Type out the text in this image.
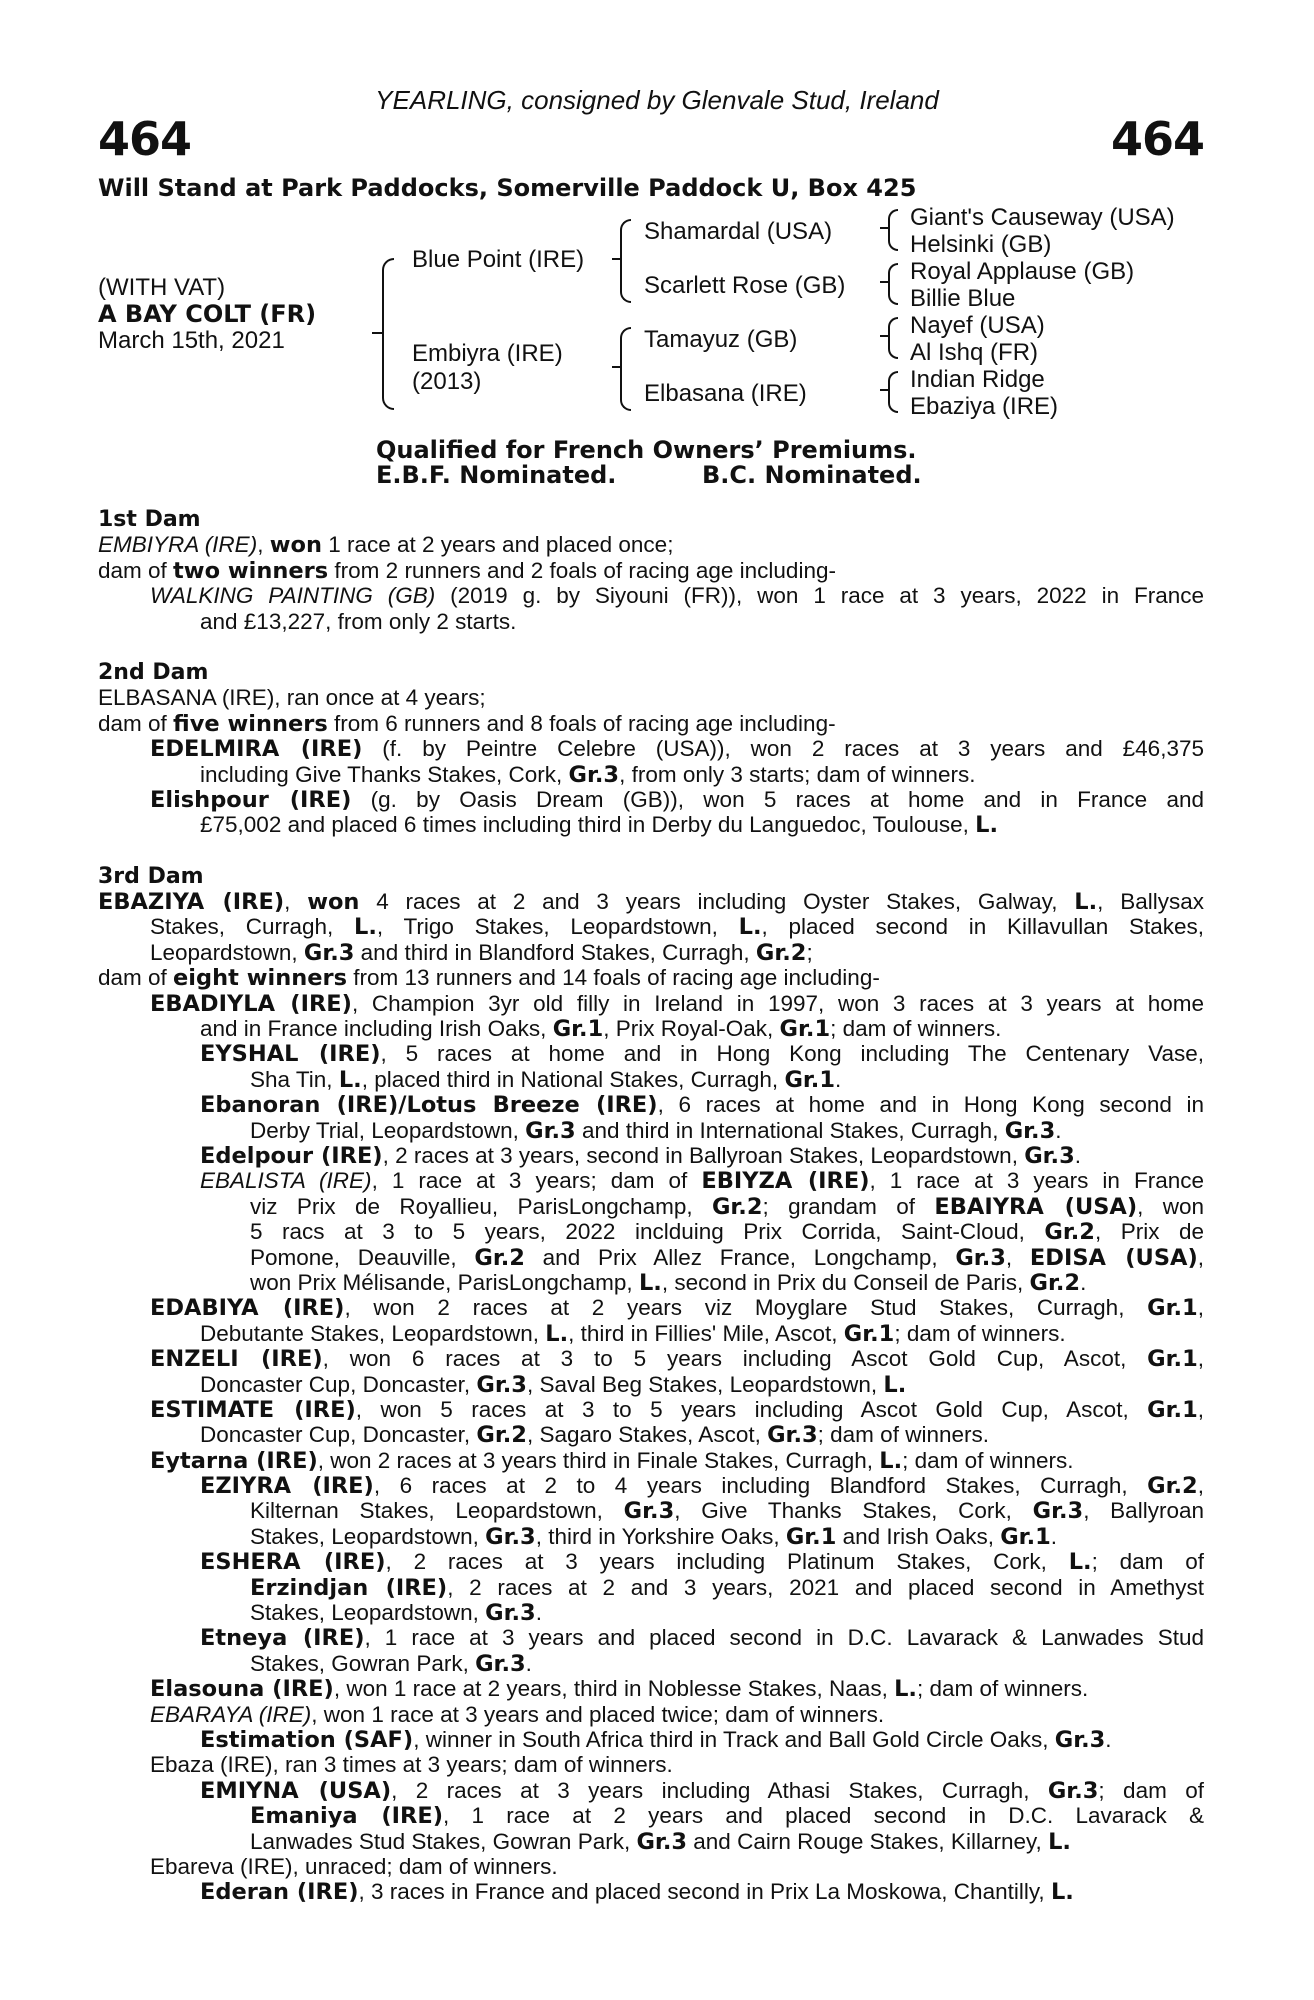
464
YEARLING, consigned by Glenvale Stud, Ireland
464
Will Stand at Park Paddocks, Somerville Paddock U, Box 425
(WITH VAT)
A BAY COLT (FR)
March 15th, 2021
Blue Point (IRE)
Embiyra (IRE)
(2013)
Shamardal (USA)
Scarlett Rose (GB)
Tamayuz (GB)
Elbasana (IRE)
Giant's Causeway (USA)
Helsinki (GB)
Royal Applause (GB)
Billie Blue
Nayef (USA)
Al Ishq (FR)
Indian Ridge
Ebaziya (IRE)
Qualified for French Owners’ Premiums.
E.B.F. Nominated.	B.C. Nominated.
1st Dam
EMBIYRA (IRE), won 1 race at 2 years and placed once;
dam of two winners from 2 runners and 2 foals of racing age including-
WALKING PAINTING (GB) (2019 g. by Siyouni (FR)), won 1 race at 3 years, 2022 in France
and £13,227, from only 2 starts.
2nd Dam
ELBASANA (IRE), ran once at 4 years;
dam of five winners from 6 runners and 8 foals of racing age including-
EDELMIRA (IRE) (f. by Peintre Celebre (USA)), won 2 races at 3 years and £46,375
including Give Thanks Stakes, Cork, Gr.3, from only 3 starts; dam of winners.
Elishpour (IRE) (g. by Oasis Dream (GB)), won 5 races at home and in France and
£75,002 and placed 6 times including third in Derby du Languedoc, Toulouse, L.
3rd Dam
EBAZIYA (IRE), won 4 races at 2 and 3 years including Oyster Stakes, Galway, L., Ballysax
Stakes, Curragh, L., Trigo Stakes, Leopardstown, L., placed second in Killavullan Stakes,
Leopardstown, Gr.3 and third in Blandford Stakes, Curragh, Gr.2;
dam of eight winners from 13 runners and 14 foals of racing age including-
EBADIYLA (IRE), Champion 3yr old filly in Ireland in 1997, won 3 races at 3 years at home
and in France including Irish Oaks, Gr.1, Prix Royal-Oak, Gr.1; dam of winners.
EYSHAL (IRE), 5 races at home and in Hong Kong including The Centenary Vase,
Sha Tin, L., placed third in National Stakes, Curragh, Gr.1.
Ebanoran (IRE)/Lotus Breeze (IRE), 6 races at home and in Hong Kong second in
Derby Trial, Leopardstown, Gr.3 and third in International Stakes, Curragh, Gr.3.
Edelpour (IRE), 2 races at 3 years, second in Ballyroan Stakes, Leopardstown, Gr.3.
EBALISTA (IRE), 1 race at 3 years; dam of EBIYZA (IRE), 1 race at 3 years in France
viz Prix de Royallieu, ParisLongchamp, Gr.2; grandam of EBAIYRA (USA), won
5 racs at 3 to 5 years, 2022 inclduing Prix Corrida, Saint-Cloud, Gr.2, Prix de
Pomone, Deauville, Gr.2 and Prix Allez France, Longchamp, Gr.3, EDISA (USA),
won Prix Mélisande, ParisLongchamp, L., second in Prix du Conseil de Paris, Gr.2.
EDABIYA (IRE), won 2 races at 2 years viz Moyglare Stud Stakes, Curragh, Gr.1,
Debutante Stakes, Leopardstown, L., third in Fillies' Mile, Ascot, Gr.1; dam of winners.
ENZELI (IRE), won 6 races at 3 to 5 years including Ascot Gold Cup, Ascot, Gr.1,
Doncaster Cup, Doncaster, Gr.3, Saval Beg Stakes, Leopardstown, L.
ESTIMATE (IRE), won 5 races at 3 to 5 years including Ascot Gold Cup, Ascot, Gr.1,
Doncaster Cup, Doncaster, Gr.2, Sagaro Stakes, Ascot, Gr.3; dam of winners.
Eytarna (IRE), won 2 races at 3 years third in Finale Stakes, Curragh, L.; dam of winners.
EZIYRA (IRE), 6 races at 2 to 4 years including Blandford Stakes, Curragh, Gr.2,
Kilternan Stakes, Leopardstown, Gr.3, Give Thanks Stakes, Cork, Gr.3, Ballyroan
Stakes, Leopardstown, Gr.3, third in Yorkshire Oaks, Gr.1 and Irish Oaks, Gr.1.
ESHERA (IRE), 2 races at 3 years including Platinum Stakes, Cork, L.; dam of
Erzindjan (IRE), 2 races at 2 and 3 years, 2021 and placed second in Amethyst
Stakes, Leopardstown, Gr.3.
Etneya (IRE), 1 race at 3 years and placed second in D.C. Lavarack & Lanwades Stud
Stakes, Gowran Park, Gr.3.
Elasouna (IRE), won 1 race at 2 years, third in Noblesse Stakes, Naas, L.; dam of winners.
EBARAYA (IRE), won 1 race at 3 years and placed twice; dam of winners.
Estimation (SAF), winner in South Africa third in Track and Ball Gold Circle Oaks, Gr.3.
Ebaza (IRE), ran 3 times at 3 years; dam of winners.
EMIYNA (USA), 2 races at 3 years including Athasi Stakes, Curragh, Gr.3; dam of
Emaniya (IRE), 1 race at 2 years and placed second in D.C. Lavarack &
Lanwades Stud Stakes, Gowran Park, Gr.3 and Cairn Rouge Stakes, Killarney, L.
Ebareva (IRE), unraced; dam of winners.
Ederan (IRE), 3 races in France and placed second in Prix La Moskowa, Chantilly, L.
